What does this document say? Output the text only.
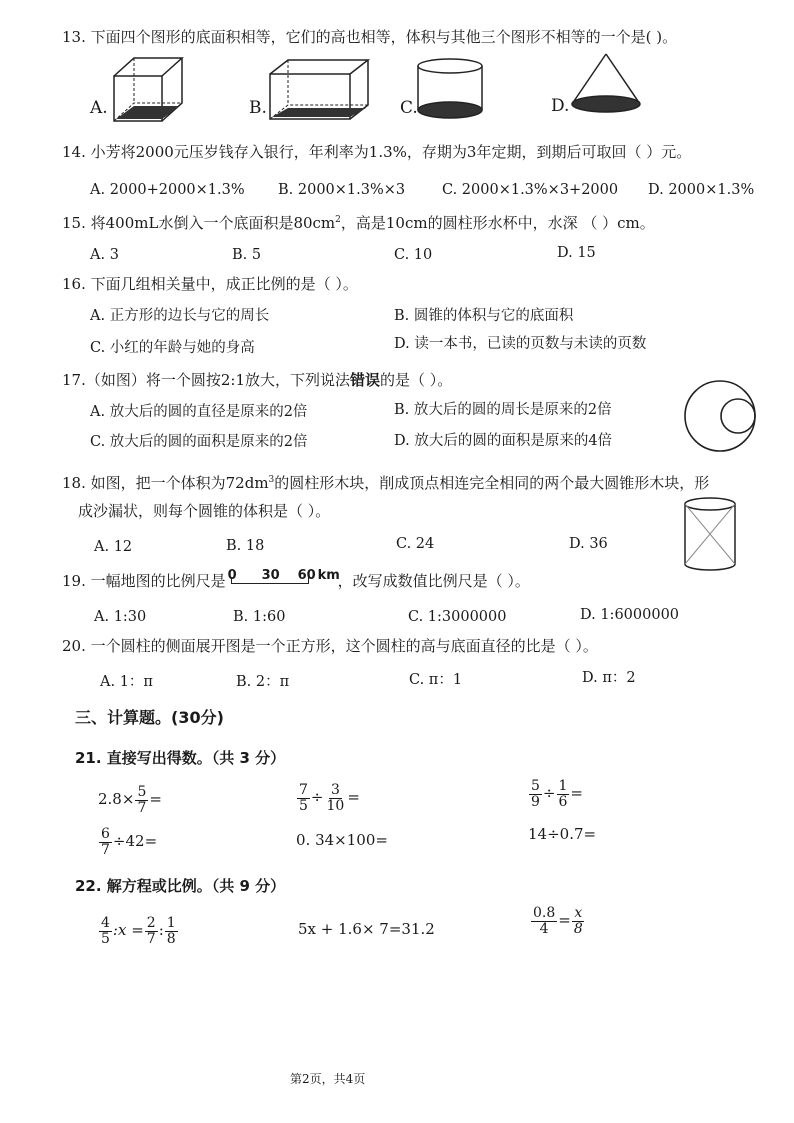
13. 下面四个图形的底面积相等，它们的高也相等，体积与其他三个图形不相等的一个是( )。
A.	B.	C.	D.
14. 小芳将2000元压岁钱存入银行，年利率为1.3%，存期为3年定期，到期后可取回（ ）元。
A. 2000+2000×1.3% B. 2000×1.3%×3	C. 2000×1.3%×3+2000 D. 2000×1.3%
15. 将400mL水倒入一个底面积是$80cm^2$，高是10cm的圆柱形水杯中，水深 （ ）cm。
A. 3	B. 5	C. 10	D. 15
16. 下面几组相关量中，成正比例的是（ ）。
A. 正方形的边长与它的周长	B. 圆锥的体积与它的底面积
C. 小红的年龄与她的身高	D. 读一本书，已读的页数与未读的页数
17.（如图）将一个圆按2:1放大，下列说法错误的是（ ）。
A. 放大后的圆的直径是原来的2倍	B. 放大后的圆的周长是原来的2倍
C. 放大后的圆的面积是原来的2倍	D. 放大后的圆的面积是原来的4倍
18. 如图，把一个体积为$72dm^3$的圆柱形木块，削成顶点相连完全相同的两个最大圆锥形木块，形
成沙漏状，则每个圆锥的体积是（ ）。
A. 12	B. 18	C. 24	D. 36
19. 一幅地图的比例尺是 0 30 60 km
，改写成数值比例尺是（ ）。
A. 1:30	B. 1:60	C. 1:3000000	D. 1:6000000
20. 一个圆柱的侧面展开图是一个正方形，这个圆柱的高与底面直径的比是（ ）。
A. 1：π	B. 2：π	C. π：1	D. π：2
三、计算题。(30分)
21. 直接写出得数。（共 3 分）
$2.8\times \frac{5}{7}$ =	$\frac{7}{5} \div \frac{3}{10}$ =	$\frac{5}{9} \div \frac{1}{6}$ =
$\frac{6}{7} \div 42=$	0. 34×100=	14÷0.7=
22. 解方程或比例。（共 9 分）
$\frac{4}{5}$ :x = $\frac{2}{7}$ : $\frac{1}{8}$	5x + 1.6× 7=31.2	$\frac{0.8}{4} = \frac{x}{8}$
第2页，共4页
